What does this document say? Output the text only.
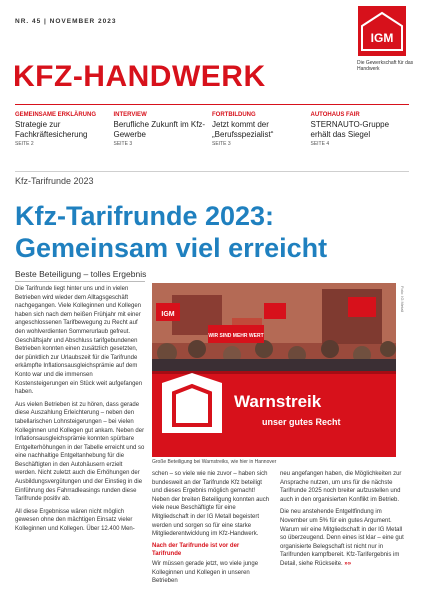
NR. 45 | NOVEMBER 2023
IGM
Die Gewerkschaft für das Handwerk
KFZ-HANDWERK
GEMEINSAME ERKLÄRUNG
Strategie zur Fachkräftesicherung
SEITE 2
INTERVIEW
Berufliche Zukunft im Kfz-Gewerbe
SEITE 3
FORTBILDUNG
Jetzt kommt der „Berufsspezialist“
SEITE 3
AUTOHAUS FAIR
STERNAUTO-Gruppe erhält das Siegel
SEITE 4
Kfz-Tarifrunde 2023
Kfz-Tarifrunde 2023: Gemeinsam viel erreicht
Beste Beteiligung – tolles Ergebnis

Die Tarifrunde liegt hinter uns und in vielen Betrieben wird wieder dem Alltagsgeschäft nachgegangen. Viele Kolleginnen und Kollegen haben sich nach dem heißen Frühjahr mit einer angeschlossenen Tarifbewegung zu Recht auf den wohlverdienten Sommerurlaub gefreut. Geschäftsjahr und Abschluss tarifgebundenen Betrieben konnten einen zusätzlich gesetzten, der pünktlich zur Urlaubszeit für die Tarifrunde erkämpfte Inflationsausgleichsprämie auf dem Konto war und die immensen Kostensteigerungen ein Stück weit aufgefangen haben.

Aus vielen Betrieben ist zu hören, dass gerade diese Auszahlung Erleichterung – neben den tabellarischen Lohnsteigerungen – bei vielen Kolleginnen und Kollegen gut ankam. Neben der Inflationsausgleichsprämie konnten spürbare Entgelterhöhungen in der Tabelle erreicht und so eine nachhaltige Entgeltanhebung für die Beschäftigten in den Autohäusern erzielt werden. Nicht zuletzt auch die Erhöhungen der Ausbildungsvergütungen und der Einstieg in die Einführung des Fahrradleasings runden diese Tarifrunde positiv ab.

All diese Ergebnisse wären nicht möglich gewesen ohne den mächtigen Einsatz vieler Kolleginnen und Kollegen. Über 12.400 Men-

IGM
WIR SIND MEHR WERT
Warnstreik
unser gutes Recht
Foto: IG Metall
Große Beteiligung bei Warnstreiks, wie hier in Hannover

schen – so viele wie nie zuvor – haben sich bundesweit an der Tarifrunde Kfz beteiligt und dieses Ergebnis möglich gemacht! Neben der breiten Beteiligung konnten auch viele neue Beschäftigte für eine Mitgliedschaft in der IG Metall begeistert werden und sorgen so für eine starke Mitgliederentwicklung im Kfz-Handwerk.

Nach der Tarifrunde ist vor der Tarifrunde

Wir müssen gerade jetzt, wo viele junge Kolleginnen und Kollegen in unseren Betrieben

neu angefangen haben, die Möglichkeiten zur Ansprache nutzen, um uns für die nächste Tarifrunde 2025 noch breiter aufzustellen und auch in den organisierten Konflikt im Betrieb.

Die neu anstehende Entgeltfindung im November um 5% für ein gutes Argument. Warum wir eine Mitgliedschaft in der IG Metall so überzeugend. Denn eines ist klar – eine gut organisierte Belegschaft ist nicht nur in Tarifrunden kampfbereit. Kfz-Tarifergebnis im Detail, siehe Rückseite. »»
